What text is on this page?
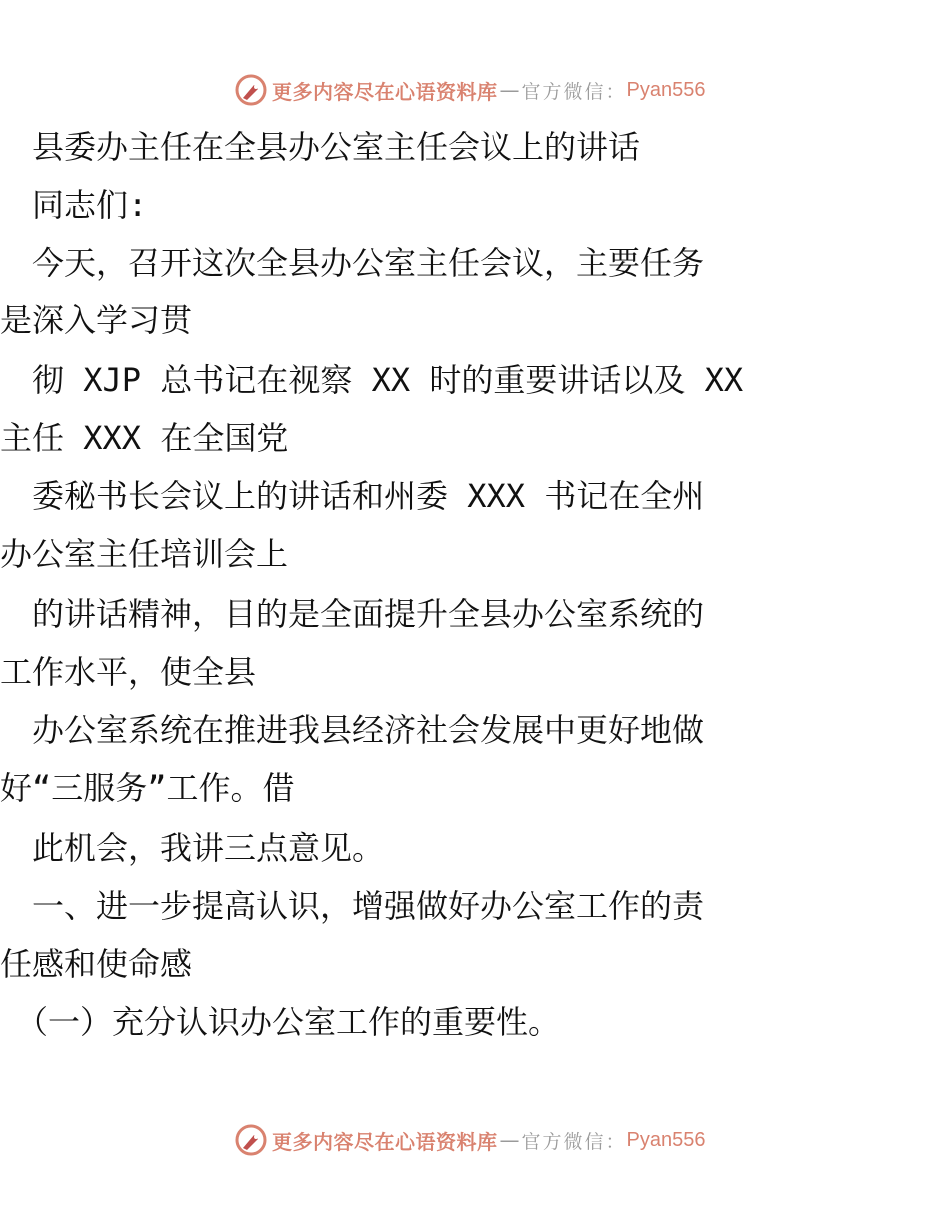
更多内容尽在心语资料库 — 官方微信： Pyan556
　县委办主任在全县办公室主任会议上的讲话
　同志们:
　今天，召开这次全县办公室主任会议，主要任务
是深入学习贯
　彻 XJP 总书记在视察 XX 时的重要讲话以及 XX
主任 XXX 在全国党
　委秘书长会议上的讲话和州委 XXX 书记在全州
办公室主任培训会上
　的讲话精神，目的是全面提升全县办公室系统的
工作水平，使全县
　办公室系统在推进我县经济社会发展中更好地做
好“三服务”工作。借
　此机会，我讲三点意见。
　一、进一步提高认识，增强做好办公室工作的责
任感和使命感
　（一）充分认识办公室工作的重要性。
更多内容尽在心语资料库 — 官方微信： Pyan556
